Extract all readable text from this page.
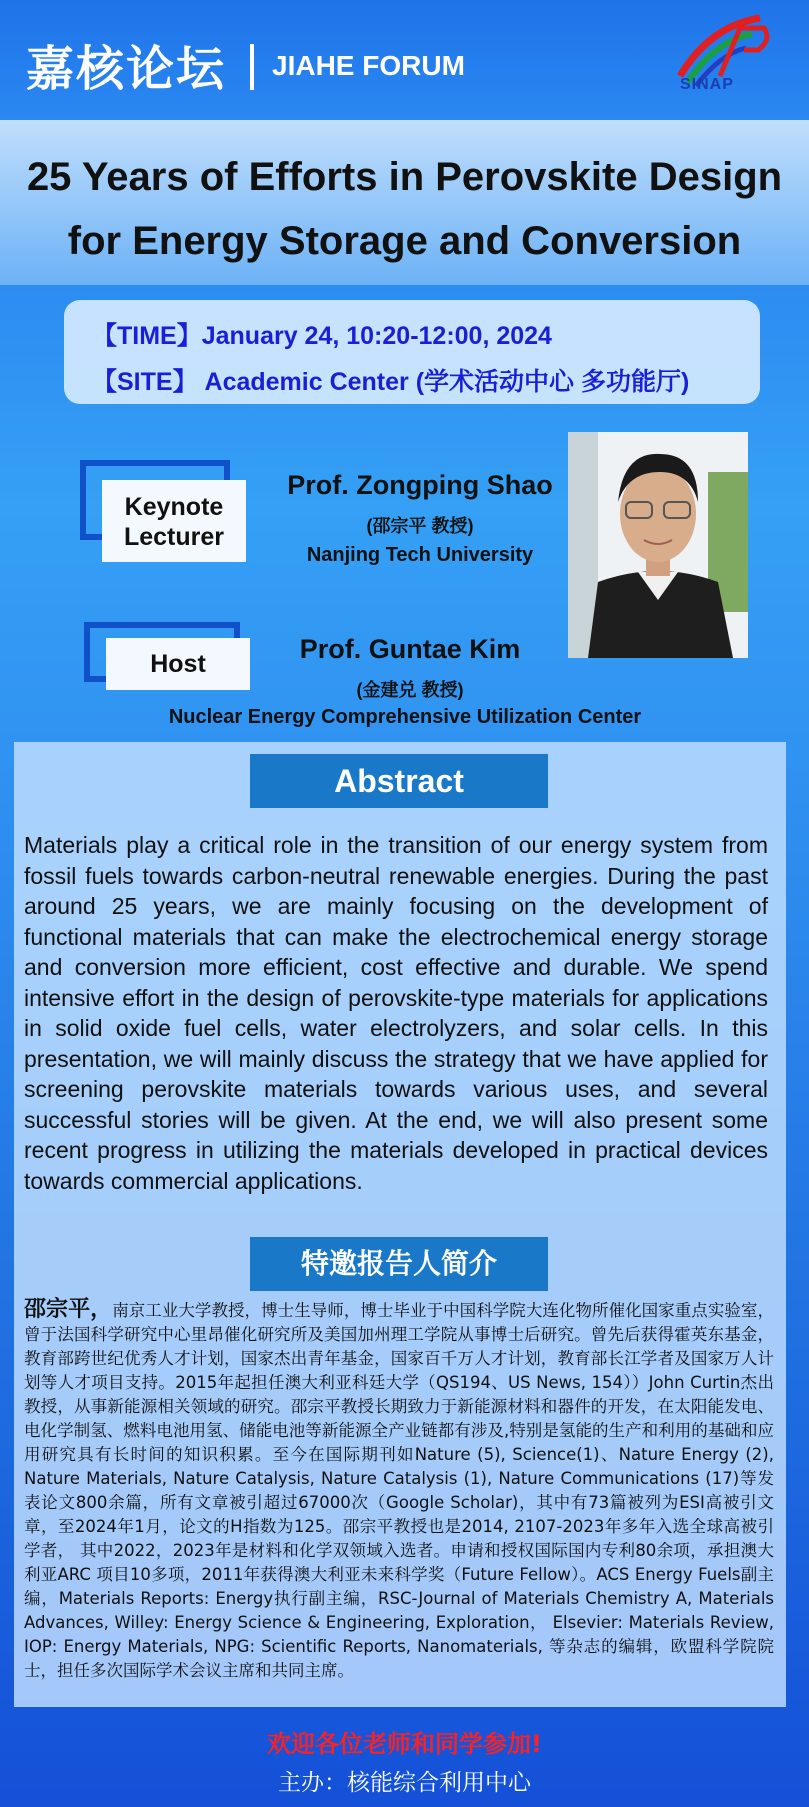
嘉核论坛 JIAHE FORUM
SINAP
25 Years of Efforts in Perovskite Design
for Energy Storage and Conversion
【TIME】January 24, 10:20-12:00, 2024
【SITE】 Academic Center (学术活动中心 多功能厅)
Keynote
Lecturer
Prof. Zongping Shao
(邵宗平 教授)
Nanjing Tech University
Host	Prof. Guntae Kim
(金建兑 教授)
Nuclear Energy Comprehensive Utilization Center
Abstract
Materials play a critical role in the transition of our energy system from fossil fuels towards carbon-neutral renewable energies. During the past around 25 years, we are mainly focusing on the development of functional materials that can make the electrochemical energy storage and conversion more efficient, cost effective and durable. We spend intensive effort in the design of perovskite-type materials for applications in solid oxide fuel cells, water electrolyzers, and solar cells. In this presentation, we will mainly discuss the strategy that we have applied for screening perovskite materials towards various uses, and several successful stories will be given. At the end, we will also present some recent progress in utilizing the materials developed in practical devices towards commercial applications.
特邀报告人简介
邵宗平，南京工业大学教授，博士生导师，博士毕业于中国科学院大连化物所催化国家重点实验室，曾于法国科学研究中心里昂催化研究所及美国加州理工学院从事博士后研究。曾先后获得霍英东基金，教育部跨世纪优秀人才计划，国家杰出青年基金，国家百千万人才计划，教育部长江学者及国家万人计划等人才项目支持。2015年起担任澳大利亚科廷大学（QS194、US News, 154））John Curtin杰出教授，从事新能源相关领域的研究。邵宗平教授长期致力于新能源材料和器件的开发，在太阳能发电、电化学制氢、燃料电池用氢、储能电池等新能源全产业链都有涉及,特别是氢能的生产和利用的基础和应用研究具有长时间的知识积累。至今在国际期刊如Nature (5), Science(1)、Nature Energy (2), Nature Materials, Nature Catalysis, Nature Catalysis (1), Nature Communications (17)等发表论文800余篇，所有文章被引超过67000次（Google Scholar)，其中有73篇被列为ESI高被引文章，至2024年1月，论文的H指数为125。邵宗平教授也是2014, 2107-2023年多年入选全球高被引学者， 其中2022，2023年是材料和化学双领域入选者。申请和授权国际国内专利80余项，承担澳大利亚ARC 项目10多项，2011年获得澳大利亚未来科学奖（Future Fellow）。ACS Energy Fuels副主编，Materials Reports: Energy执行副主编，RSC-Journal of Materials Chemistry A, Materials Advances, Willey: Energy Science & Engineering, Exploration， Elsevier: Materials Review, IOP: Energy Materials, NPG: Scientific Reports, Nanomaterials, 等杂志的编辑，欧盟科学院院士，担任多次国际学术会议主席和共同主席。
欢迎各位老师和同学参加!
主办：核能综合利用中心
